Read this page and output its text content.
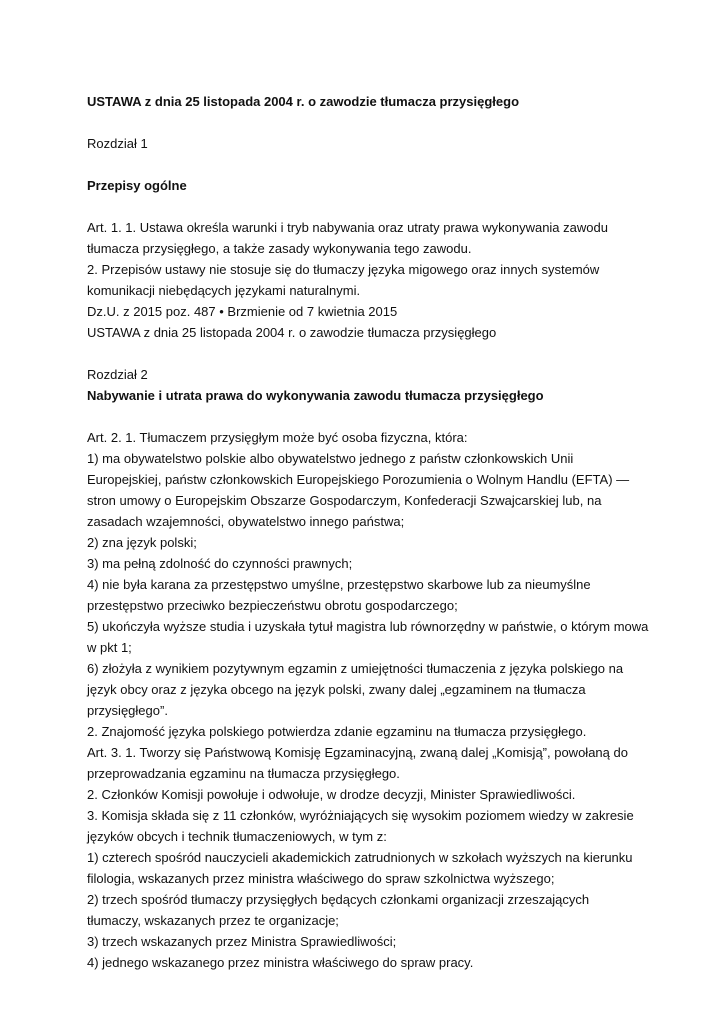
USTAWA z dnia 25 listopada 2004 r. o zawodzie tłumacza przysięgłego

Rozdział 1

Przepisy ogólne

Art. 1. 1. Ustawa określa warunki i tryb nabywania oraz utraty prawa wykonywania zawodu

tłumacza przysięgłego, a także zasady wykonywania tego zawodu.

2. Przepisów ustawy nie stosuje się do tłumaczy języka migowego oraz innych systemów

komunikacji niebędących językami naturalnymi.

Dz.U. z 2015 poz. 487 • Brzmienie od 7 kwietnia 2015

USTAWA z dnia 25 listopada 2004 r. o zawodzie tłumacza przysięgłego

Rozdział 2

Nabywanie i utrata prawa do wykonywania zawodu tłumacza przysięgłego

Art. 2. 1. Tłumaczem przysięgłym może być osoba fizyczna, która:

1) ma obywatelstwo polskie albo obywatelstwo jednego z państw członkowskich Unii

Europejskiej, państw członkowskich Europejskiego Porozumienia o Wolnym Handlu (EFTA) —

stron umowy o Europejskim Obszarze Gospodarczym, Konfederacji Szwajcarskiej lub, na

zasadach wzajemności, obywatelstwo innego państwa;

2) zna język polski;

3) ma pełną zdolność do czynności prawnych;

4) nie była karana za przestępstwo umyślne, przestępstwo skarbowe lub za nieumyślne

przestępstwo przeciwko bezpieczeństwu obrotu gospodarczego;

5) ukończyła wyższe studia i uzyskała tytuł magistra lub równorzędny w państwie, o którym mowa

w pkt 1;

6) złożyła z wynikiem pozytywnym egzamin z umiejętności tłumaczenia z języka polskiego na

język obcy oraz z języka obcego na język polski, zwany dalej „egzaminem na tłumacza

przysięgłego”.

2. Znajomość języka polskiego potwierdza zdanie egzaminu na tłumacza przysięgłego.

Art. 3. 1. Tworzy się Państwową Komisję Egzaminacyjną, zwaną dalej „Komisją”, powołaną do

przeprowadzania egzaminu na tłumacza przysięgłego.

2. Członków Komisji powołuje i odwołuje, w drodze decyzji, Minister Sprawiedliwości.

3. Komisja składa się z 11 członków, wyróżniających się wysokim poziomem wiedzy w zakresie

języków obcych i technik tłumaczeniowych, w tym z:

1) czterech spośród nauczycieli akademickich zatrudnionych w szkołach wyższych na kierunku

filologia, wskazanych przez ministra właściwego do spraw szkolnictwa wyższego;

2) trzech spośród tłumaczy przysięgłych będących członkami organizacji zrzeszających

tłumaczy, wskazanych przez te organizacje;

3) trzech wskazanych przez Ministra Sprawiedliwości;

4) jednego wskazanego przez ministra właściwego do spraw pracy.
